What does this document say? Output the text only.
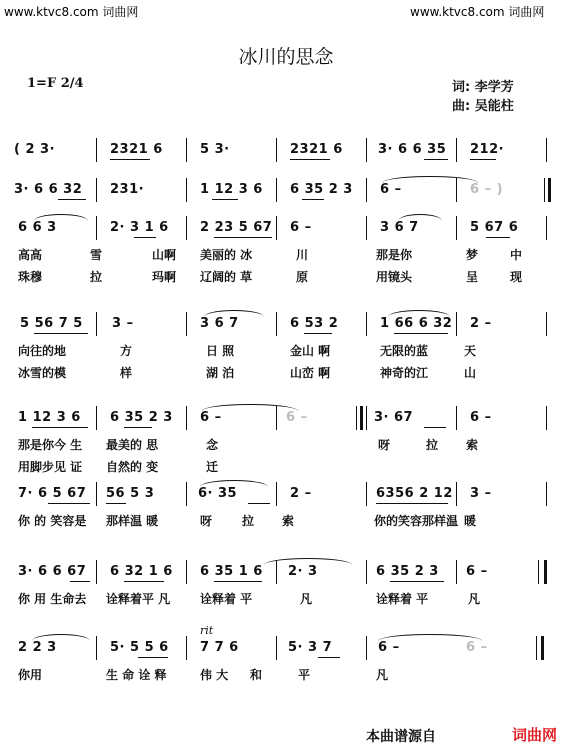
www.ktvc8.com 词曲网	www.ktvc8.com 词曲网
冰川的思念
1=F 2/4	词: 李学芳
曲: 吴能柱
( 2 3·	2321 6	5 3·	2321 6	3· 6 6 35 212·
3· 6 6 32 231·	1 12 3 6 6 35 2 3 6 –	6 – )
6 6 3	2· 3 1 6 2 23 5 67 6 –	3 6 7	5 67 6
高高	雪	山啊 美丽的 冰	川	那是你	梦	中
珠穆	拉	玛啊 辽阔的 草	原	用镜头	呈	现
5 56 7 5 3 –	3 6 7	6 53 2	1 66 6 32 2 –
向往的地	方	日 照	金山 啊	无限的蓝	天
冰雪的模	样	湖 泊	山峦 啊	神奇的江	山
1 12 3 6 6 35 2 3 6 –	6 –	3· 67	6 –
那是你今 生 最美的 思	念	呀	拉 索
用脚步见 证 自然的 变	迁
7· 6 5 67 56 5 3	6· 35	2 –	6356 2 12 3 –
你 的 笑容是 那样温 暖	呀 拉 索	你的笑容那样温 暖
3· 6 6 67 6 32 1 6 6 35 1 6 2· 3	6 35 2 3 6 –
你 用 生命去 诠释着平 凡 诠释着 平	凡	诠释着 平	凡
rit
2 2 3	5· 5 5 6 7 7 6	5· 3 7	6 –	6 –
你用	生 命 诠 释	伟 大 和	平	凡
本曲谱源自	词曲网
